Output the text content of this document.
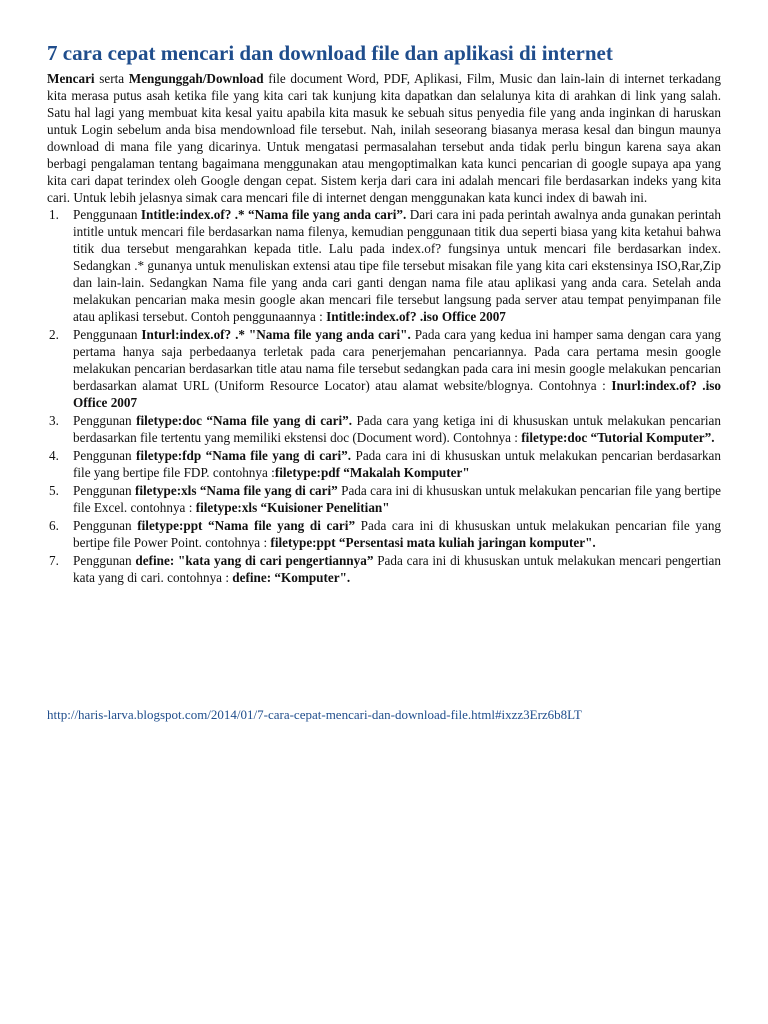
7 cara cepat mencari dan download file dan aplikasi di internet

Mencari serta Mengunggah/Download file document Word, PDF, Aplikasi, Film, Music dan lain-lain di internet terkadang kita merasa putus asah ketika file yang kita cari tak kunjung kita dapatkan dan selalunya kita di arahkan di link yang salah. Satu hal lagi yang membuat kita kesal yaitu apabila kita masuk ke sebuah situs penyedia file yang anda inginkan di haruskan untuk Login sebelum anda bisa mendownload file tersebut. Nah, inilah seseorang biasanya merasa kesal dan bingun maunya download di mana file yang dicarinya. Untuk mengatasi permasalahan tersebut anda tidak perlu bingun karena saya akan berbagi pengalaman tentang bagaimana menggunakan atau mengoptimalkan kata kunci pencarian di google supaya apa yang kita cari dapat terindex oleh Google dengan cepat. Sistem kerja dari cara ini adalah mencari file berdasarkan indeks yang kita cari. Untuk lebih jelasnya simak cara mencari file di internet dengan menggunakan kata kunci index di bawah ini.

1. Penggunaan Intitle:index.of? .* “Nama file yang anda cari”. Dari cara ini pada perintah awalnya anda gunakan perintah intitle untuk mencari file berdasarkan nama filenya, kemudian penggunaan titik dua seperti biasa yang kita ketahui bahwa titik dua tersebut mengarahkan kepada title. Lalu pada index.of? fungsinya untuk mencari file berdasarkan index. Sedangkan .* gunanya untuk menuliskan extensi atau tipe file tersebut misakan file yang kita cari ekstensinya ISO,Rar,Zip dan lain-lain. Sedangkan Nama file yang anda cari ganti dengan nama file atau aplikasi yang anda cara. Setelah anda melakukan pencarian maka mesin google akan mencari file tersebut langsung pada server atau tempat penyimpanan file atau aplikasi tersebut. Contoh penggunaannya : Intitle:index.of? .iso Office 2007
2. Penggunaan Inturl:index.of? .* "Nama file yang anda cari". Pada cara yang kedua ini hamper sama dengan cara yang pertama hanya saja perbedaanya terletak pada cara penerjemahan pencariannya. Pada cara pertama mesin google melakukan pencarian berdasarkan title atau nama file tersebut sedangkan pada cara ini mesin google melakukan pencarian berdasarkan alamat URL (Uniform Resource Locator) atau alamat website/blognya. Contohnya : Inurl:index.of? .iso Office 2007
3. Penggunan filetype:doc “Nama file yang di cari”. Pada cara yang ketiga ini di khususkan untuk melakukan pencarian berdasarkan file tertentu yang memiliki ekstensi doc (Document word). Contohnya : filetype:doc “Tutorial Komputer”.
4. Penggunan filetype:fdp “Nama file yang di cari”. Pada cara ini di khususkan untuk melakukan pencarian berdasarkan file yang bertipe file FDP. contohnya :filetype:pdf “Makalah Komputer"
5. Penggunan filetype:xls “Nama file yang di cari” Pada cara ini di khususkan untuk melakukan pencarian file yang bertipe file Excel. contohnya : filetype:xls “Kuisioner Penelitian"
6. Penggunan filetype:ppt “Nama file yang di cari” Pada cara ini di khususkan untuk melakukan pencarian file yang bertipe file Power Point. contohnya : filetype:ppt “Persentasi mata kuliah jaringan komputer".
7. Penggunan define: "kata yang di cari pengertiannya” Pada cara ini di khususkan untuk melakukan mencari pengertian kata yang di cari. contohnya : define: “Komputer".
http://haris-larva.blogspot.com/2014/01/7-cara-cepat-mencari-dan-download-file.html#ixzz3Erz6b8LT
